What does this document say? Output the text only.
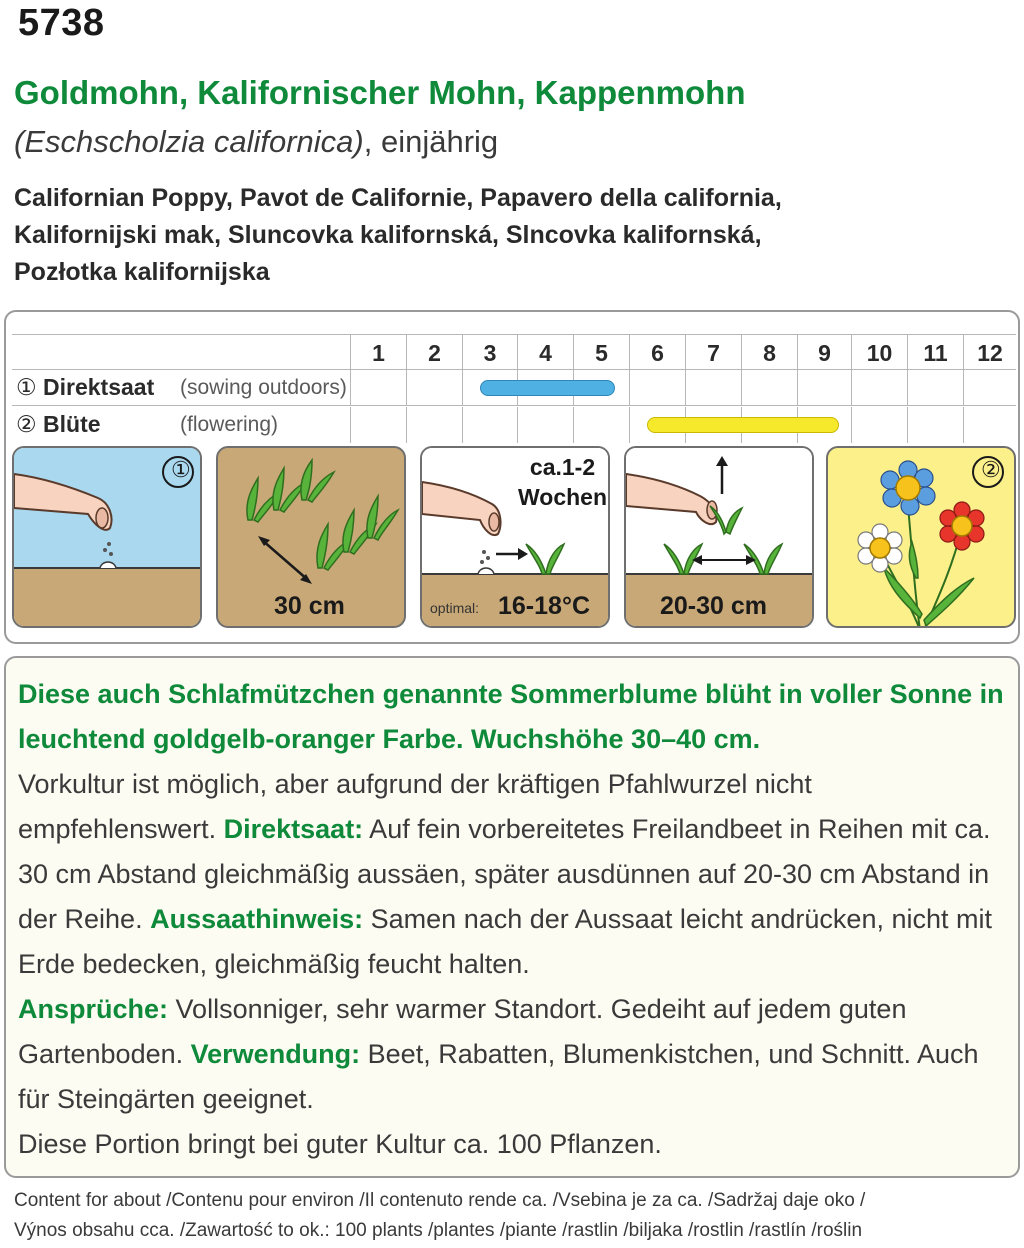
5738
Goldmohn, Kalifornischer Mohn, Kappenmohn
(Eschscholzia californica), einjährig
Californian Poppy, Pavot de Californie, Papavero della california,
Kalifornijski mak, Sluncovka kalifornská, Slncovka kalifornská,
Pozłotka kalifornijska
1	2	3	4	5	6	7	8	9	10	11	12
① Direktsaat (sowing outdoors)
② Blüte	(flowering)
①
30 cm
ca.1-2
Wochen
optimal: 16-18°C	20-30 cm
②

Diese auch Schlafmützchen genannte Sommerblume blüht in voller Sonne in leuchtend goldgelb-oranger Farbe. Wuchshöhe 30–40 cm.

Vorkultur ist möglich, aber aufgrund der kräftigen Pfahlwurzel nicht empfehlenswert. Direktsaat: Auf fein vorbereitetes Freilandbeet in Reihen mit ca. 30 cm Abstand gleichmäßig aussäen, später ausdünnen auf 20-30 cm Abstand in der Reihe. Aussaathinweis: Samen nach der Aussaat leicht andrücken, nicht mit Erde bedecken, gleichmäßig feucht halten.

Ansprüche: Vollsonniger, sehr warmer Standort. Gedeiht auf jedem guten Gartenboden. Verwendung: Beet, Rabatten, Blumenkistchen, und Schnitt. Auch für Steingärten geeignet.

Diese Portion bringt bei guter Kultur ca. 100 Pflanzen.

Content for about /Contenu pour environ /Il contenuto rende ca. /Vsebina je za ca. /Sadržaj daje oko /
Výnos obsahu cca. /Zawartość to ok.: 100 plants /plantes /piante /rastlin /biljaka /rostlin /rastlín /roślin
